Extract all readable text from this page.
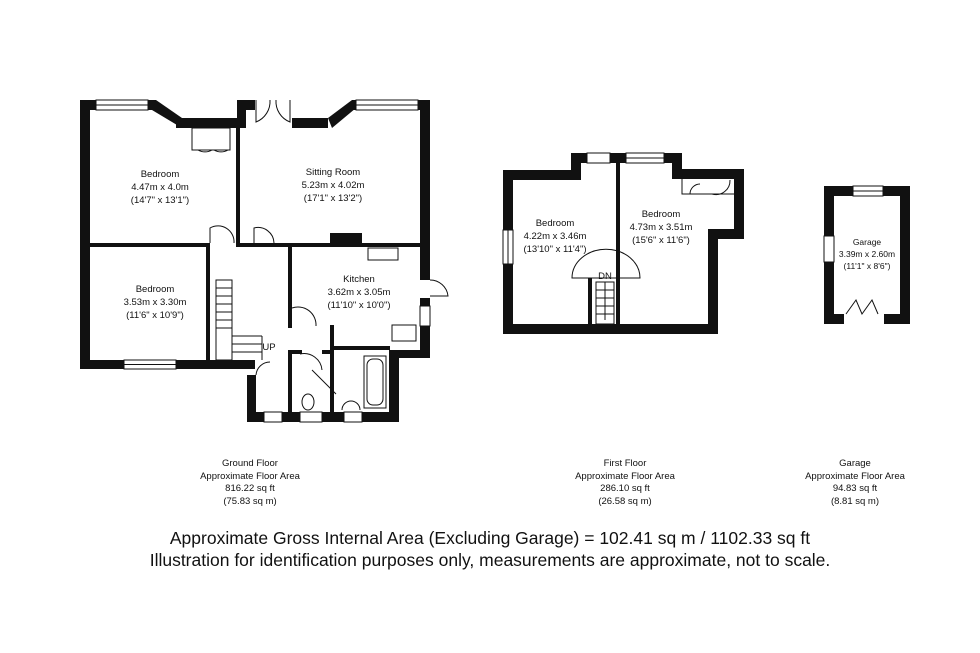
Bedroom
4.47m x 4.0m
(14'7" x 13'1")
Sitting Room
5.23m x 4.02m
(17'1" x 13'2")
Bedroom
3.53m x 3.30m
(11'6" x 10'9")
Kitchen
3.62m x 3.05m
(11'10" x 10'0")
UP
Bedroom
4.22m x 3.46m
(13'10" x 11'4")
Bedroom
4.73m x 3.51m
(15'6" x 11'6")
DN
Garage
3.39m x 2.60m
(11'1" x 8'6")
Ground Floor
Approximate Floor Area
816.22 sq ft
(75.83 sq m)
First Floor
Approximate Floor Area
286.10 sq ft
(26.58 sq m)
Garage
Approximate Floor Area
94.83 sq ft
(8.81 sq m)
Approximate Gross Internal Area (Excluding Garage) = 102.41 sq m / 1102.33 sq ft
Illustration for identification purposes only, measurements are approximate, not to scale.
